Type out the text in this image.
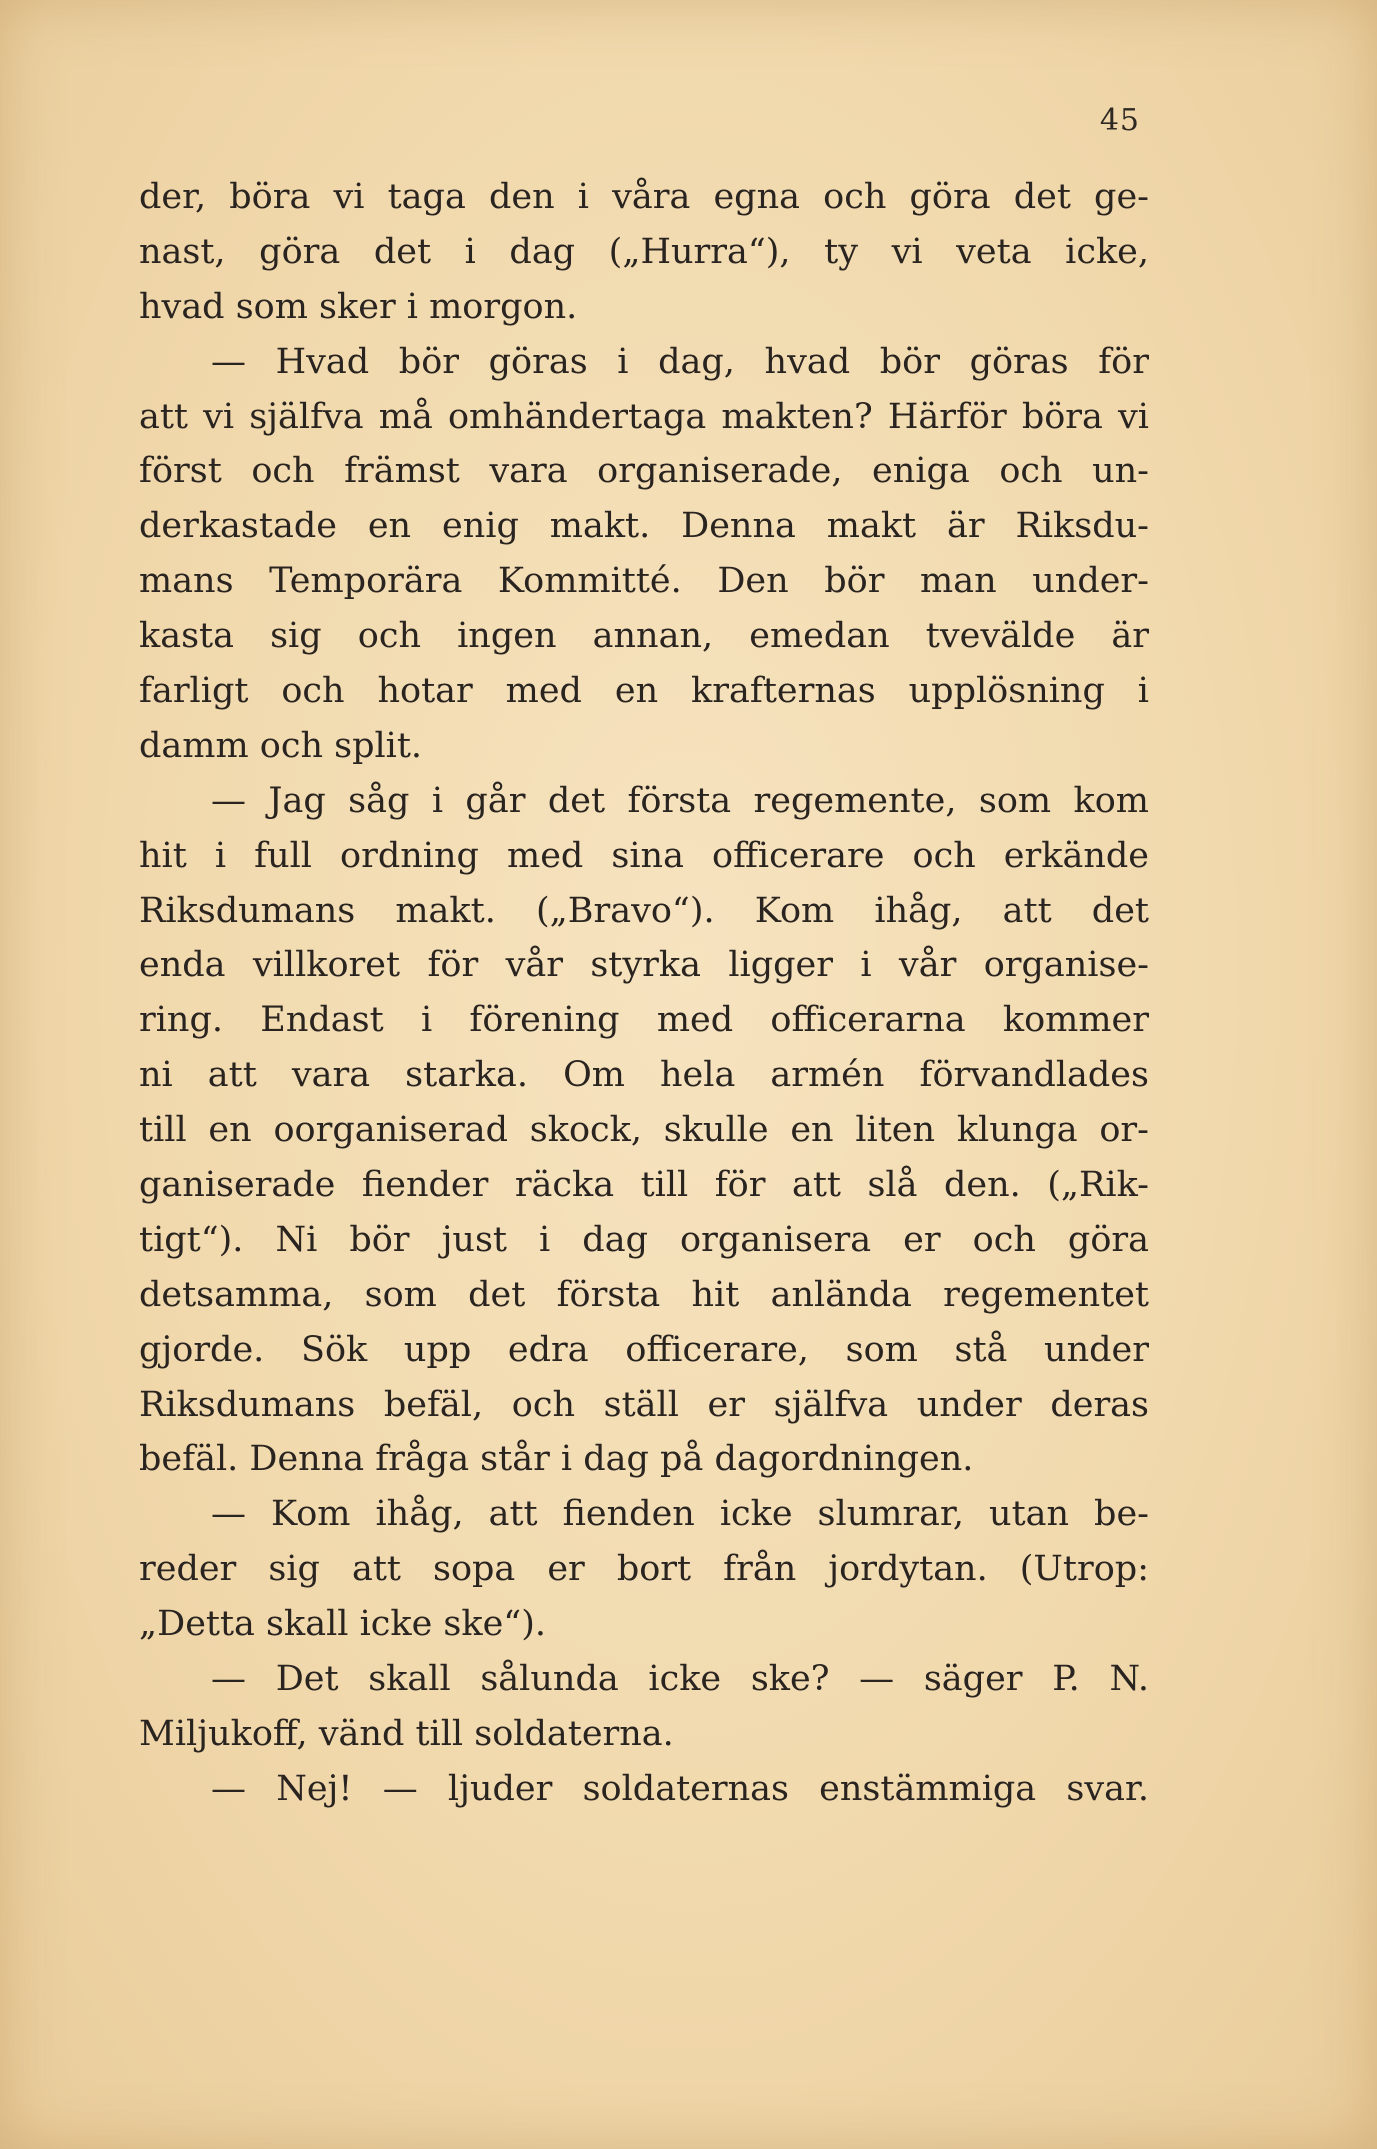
45
der, böra vi taga den i våra egna och göra det ge-
nast, göra det i dag („Hurra“), ty vi veta icke,
hvad som sker i morgon.
— Hvad bör göras i dag, hvad bör göras för
att vi själfva må omhändertaga makten? Härför böra vi
först och främst vara organiserade, eniga och un-
derkastade en enig makt. Denna makt är Riksdu-
mans Temporära Kommitté. Den bör man under-
kasta sig och ingen annan, emedan tvevälde är
farligt och hotar med en krafternas upplösning i
damm och split.
— Jag såg i går det första regemente, som kom
hit i full ordning med sina officerare och erkände
Riksdumans makt. („Bravo“). Kom ihåg, att det
enda villkoret för vår styrka ligger i vår organise-
ring. Endast i förening med officerarna kommer
ni att vara starka. Om hela armén förvandlades
till en oorganiserad skock, skulle en liten klunga or-
ganiserade fiender räcka till för att slå den. („Rik-
tigt“). Ni bör just i dag organisera er och göra
detsamma, som det första hit anlända regementet
gjorde. Sök upp edra officerare, som stå under
Riksdumans befäl, och ställ er själfva under deras
befäl. Denna fråga står i dag på dagordningen.
— Kom ihåg, att fienden icke slumrar, utan be-
reder sig att sopa er bort från jordytan. (Utrop:
„Detta skall icke ske“).
— Det skall sålunda icke ske? — säger P. N.
Miljukoff, vänd till soldaterna.
— Nej! — ljuder soldaternas enstämmiga svar.
